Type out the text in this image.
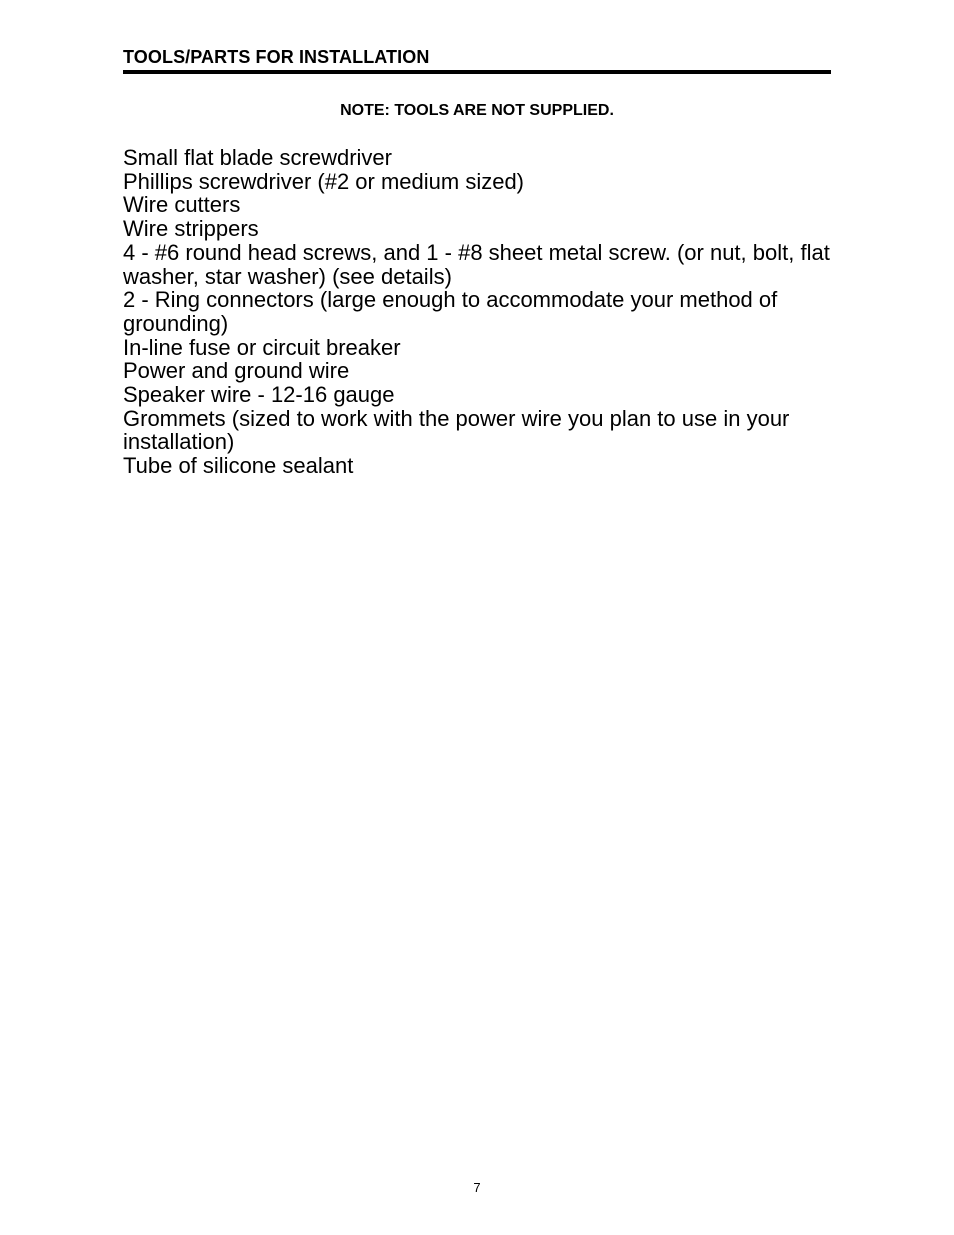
TOOLS/PARTS FOR INSTALLATION
NOTE: TOOLS ARE NOT SUPPLIED.
Small flat blade screwdriver
Phillips screwdriver (#2 or medium sized)
Wire cutters
Wire strippers
4 - #6 round head screws, and 1 - #8 sheet metal screw. (or nut, bolt, flat washer, star washer) (see details)
2 - Ring connectors (large enough to accommodate your method of grounding)
In-line fuse or circuit breaker
Power and ground wire
Speaker wire - 12-16 gauge
Grommets (sized to work with the power wire you plan to use in your installation)
Tube of silicone sealant
7
